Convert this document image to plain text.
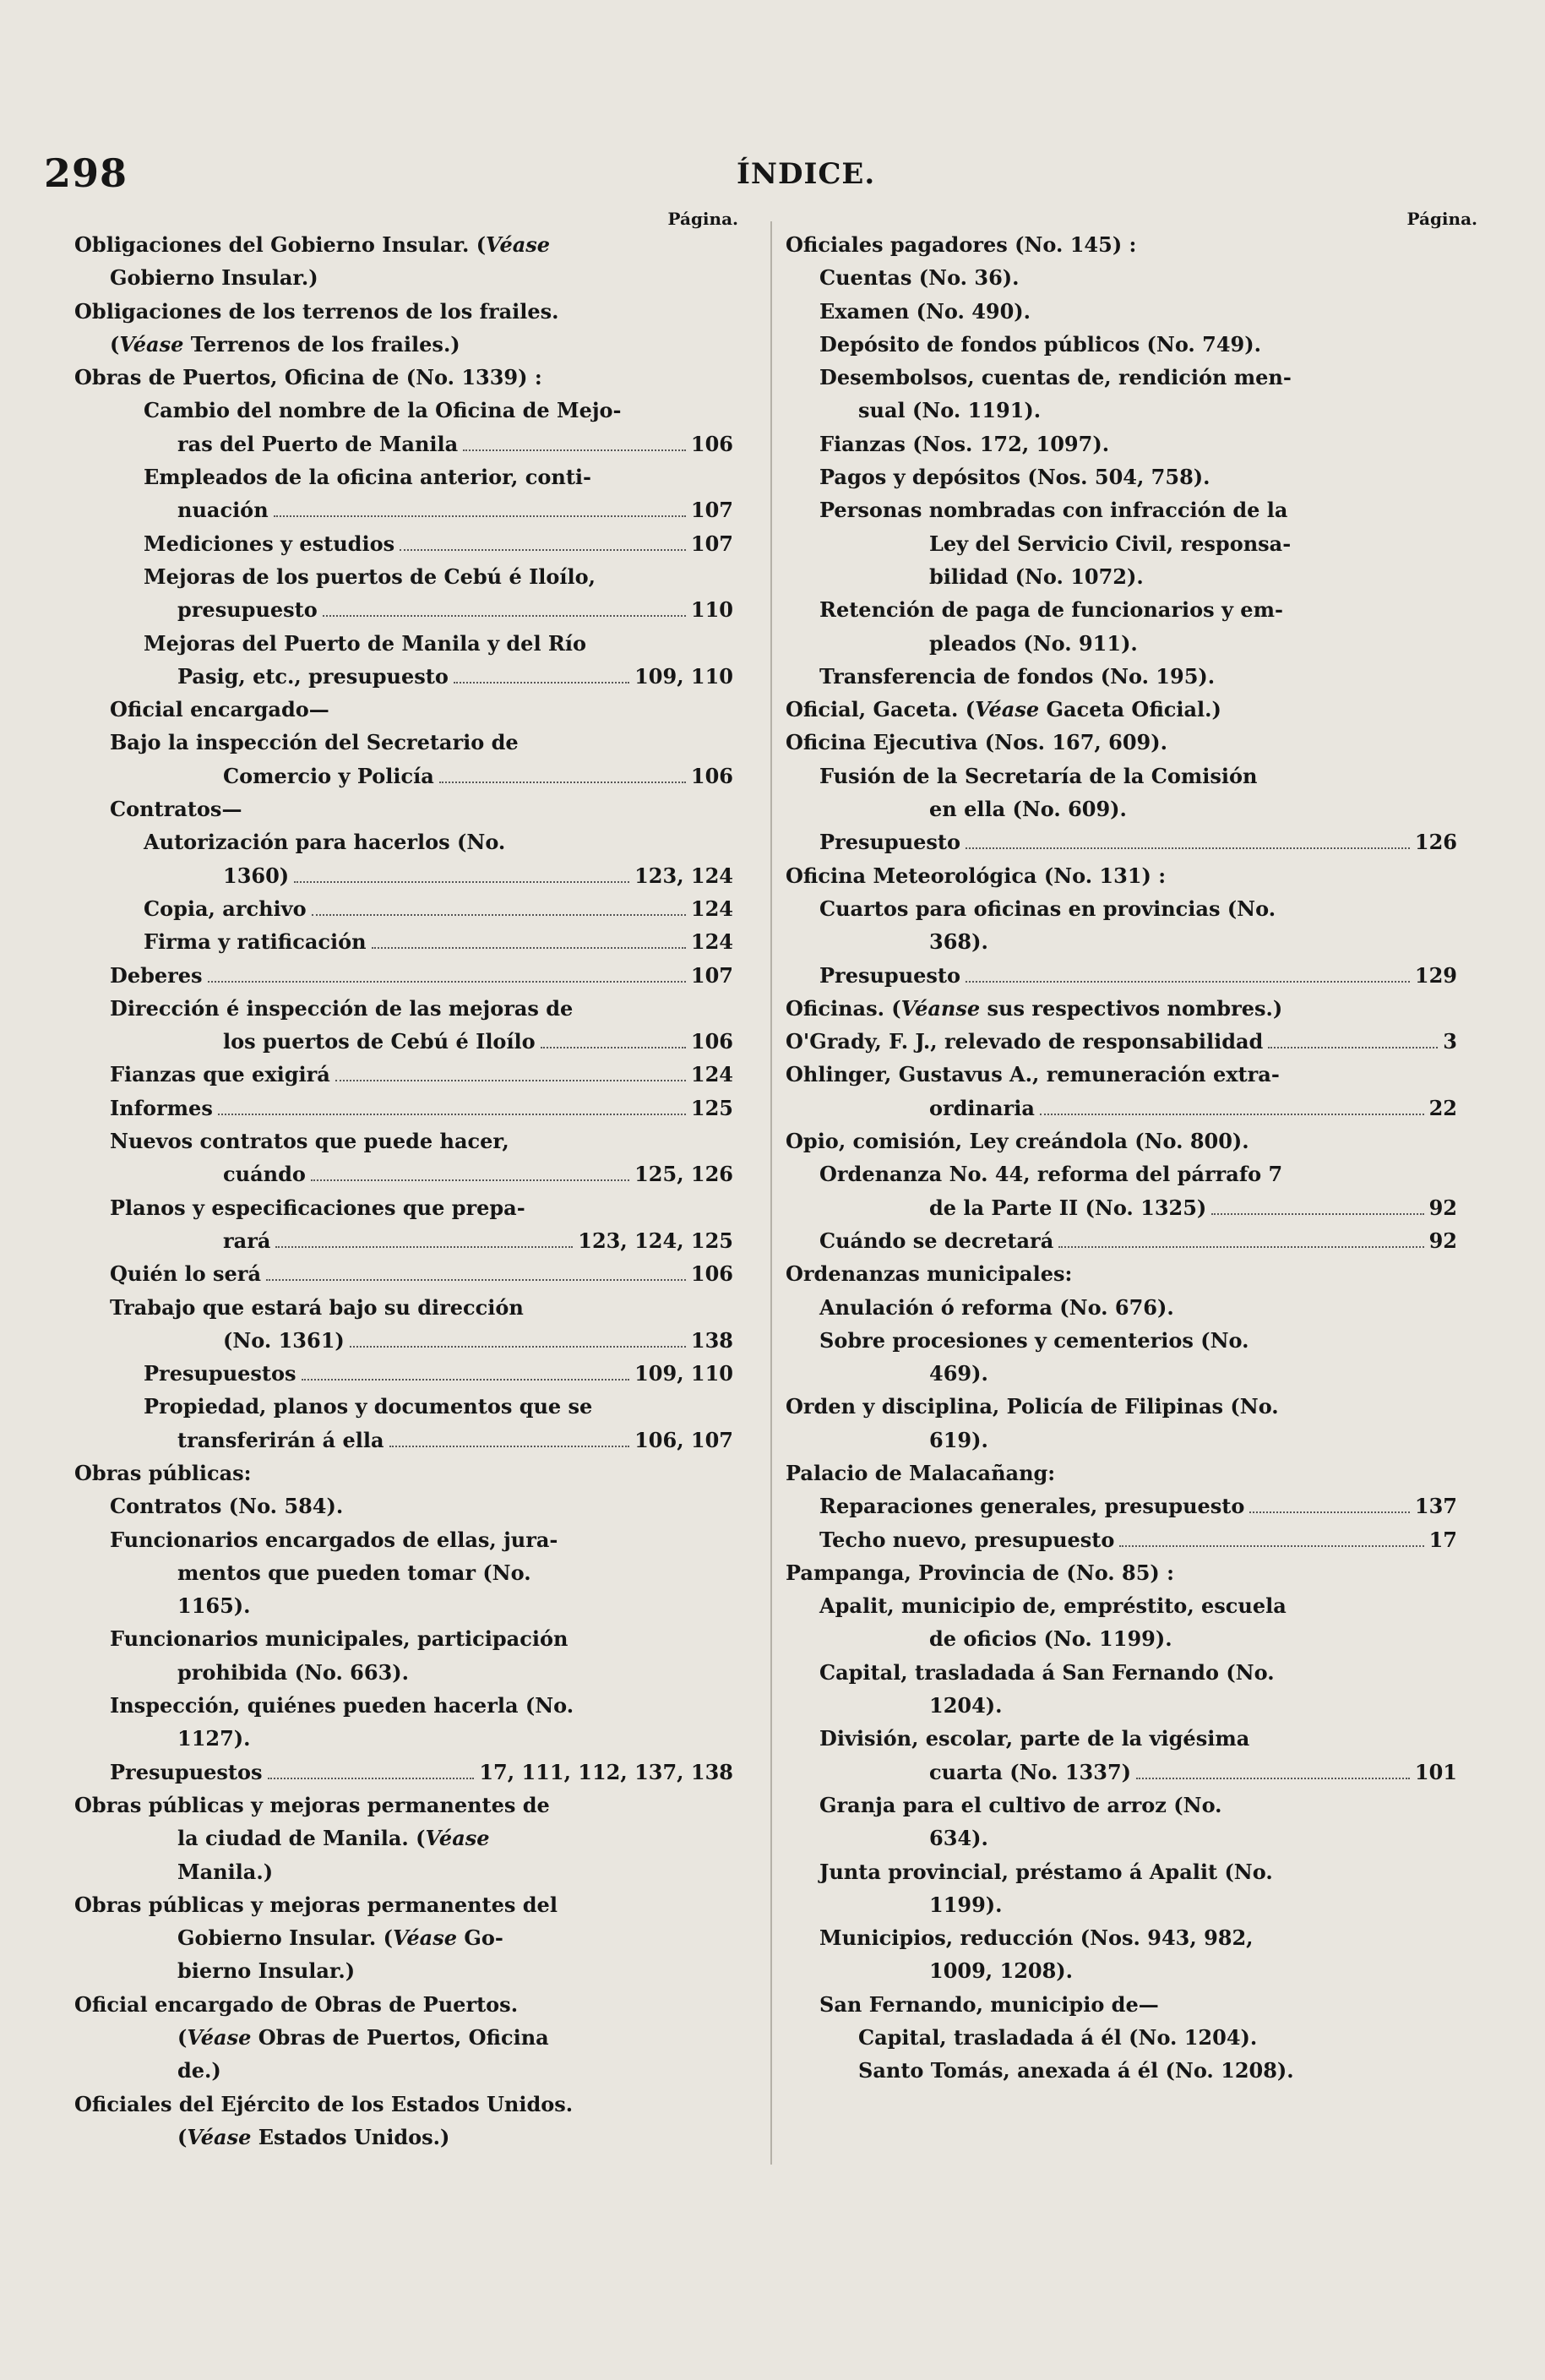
298	ÍNDICE.
Página.
Obligaciones del Gobierno Insular. (Véase
Gobierno Insular.)
Obligaciones de los terrenos de los frailes.
(Véase Terrenos de los frailes.)
Obras de Puertos, Oficina de (No. 1339) :
Cambio del nombre de la Oficina de Mejo-
ras del Puerto de Manila	106
Empleados de la oficina anterior, conti-
nuación	107
Mediciones y estudios	107
Mejoras de los puertos de Cebú é Iloílo,
presupuesto	110
Mejoras del Puerto de Manila y del Río
Pasig, etc., presupuesto	109, 110
Oficial encargado—
Bajo la inspección del Secretario de
Comercio y Policía	106
Contratos—
Autorización para hacerlos (No.
1360)	123, 124
Copia, archivo	124
Firma y ratificación	124
Deberes	107
Dirección é inspección de las mejoras de
los puertos de Cebú é Iloílo	106
Fianzas que exigirá	124
Informes	125
Nuevos contratos que puede hacer,
cuándo	125, 126
Planos y especificaciones que prepa-
rará	123, 124, 125
Quién lo será	106
Trabajo que estará bajo su dirección
(No. 1361)	138
Presupuestos	109, 110
Propiedad, planos y documentos que se
transferirán á ella	106, 107
Obras públicas:
Contratos (No. 584).
Funcionarios encargados de ellas, jura-
mentos que pueden tomar (No.
1165).
Funcionarios municipales, participación
prohibida (No. 663).
Inspección, quiénes pueden hacerla (No.
1127).
Presupuestos	17, 111, 112, 137, 138
Obras públicas y mejoras permanentes de
la ciudad de Manila. (Véase
Manila.)
Obras públicas y mejoras permanentes del
Gobierno Insular. (Véase Go-
bierno Insular.)
Oficial encargado de Obras de Puertos.
(Véase Obras de Puertos, Oficina
de.)
Oficiales del Ejército de los Estados Unidos.
(Véase Estados Unidos.)
Página.
Oficiales pagadores (No. 145) :
Cuentas (No. 36).
Examen (No. 490).
Depósito de fondos públicos (No. 749).
Desembolsos, cuentas de, rendición men-
sual (No. 1191).
Fianzas (Nos. 172, 1097).
Pagos y depósitos (Nos. 504, 758).
Personas nombradas con infracción de la
Ley del Servicio Civil, responsa-
bilidad (No. 1072).
Retención de paga de funcionarios y em-
pleados (No. 911).
Transferencia de fondos (No. 195).
Oficial, Gaceta. (Véase Gaceta Oficial.)
Oficina Ejecutiva (Nos. 167, 609).
Fusión de la Secretaría de la Comisión
en ella (No. 609).
Presupuesto	126
Oficina Meteorológica (No. 131) :
Cuartos para oficinas en provincias (No.
368).
Presupuesto	129
Oficinas. (Véanse sus respectivos nombres.)
O'Grady, F. J., relevado de responsabilidad	3
Ohlinger, Gustavus A., remuneración extra-
ordinaria	22
Opio, comisión, Ley creándola (No. 800).
Ordenanza No. 44, reforma del párrafo 7
de la Parte II (No. 1325)	92
Cuándo se decretará	92
Ordenanzas municipales:
Anulación ó reforma (No. 676).
Sobre procesiones y cementerios (No.
469).
Orden y disciplina, Policía de Filipinas (No.
619).
Palacio de Malacañang:
Reparaciones generales, presupuesto	137
Techo nuevo, presupuesto	17
Pampanga, Provincia de (No. 85) :
Apalit, municipio de, empréstito, escuela
de oficios (No. 1199).
Capital, trasladada á San Fernando (No.
1204).
División, escolar, parte de la vigésima
cuarta (No. 1337)	101
Granja para el cultivo de arroz (No.
634).
Junta provincial, préstamo á Apalit (No.
1199).
Municipios, reducción (Nos. 943, 982,
1009, 1208).
San Fernando, municipio de—
Capital, trasladada á él (No. 1204).
Santo Tomás, anexada á él (No. 1208).
